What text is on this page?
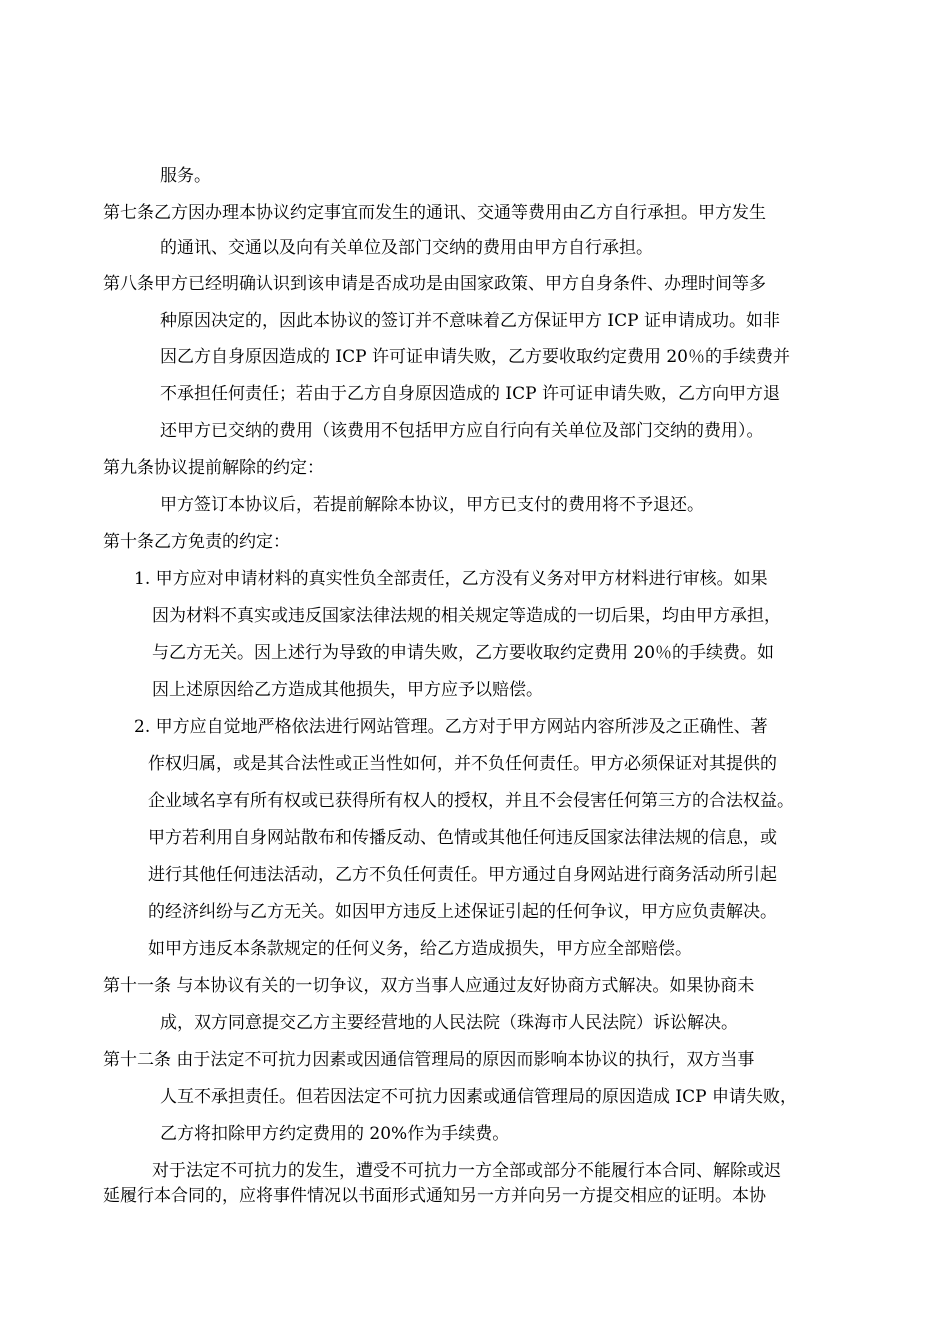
服务。
第七条乙方因办理本协议约定事宜而发生的通讯、交通等费用由乙方自行承担。甲方发生
的通讯、交通以及向有关单位及部门交纳的费用由甲方自行承担。
第八条甲方已经明确认识到该申请是否成功是由国家政策、甲方自身条件、办理时间等多
种原因决定的，因此本协议的签订并不意味着乙方保证甲方 ICP 证申请成功。如非
因乙方自身原因造成的 ICP 许可证申请失败，乙方要收取约定费用 20％的手续费并
不承担任何责任；若由于乙方自身原因造成的 ICP 许可证申请失败，乙方向甲方退
还甲方已交纳的费用（该费用不包括甲方应自行向有关单位及部门交纳的费用）。
第九条协议提前解除的约定：
甲方签订本协议后，若提前解除本协议，甲方已支付的费用将不予退还。
第十条乙方免责的约定：
1. 甲方应对申请材料的真实性负全部责任，乙方没有义务对甲方材料进行审核。如果
因为材料不真实或违反国家法律法规的相关规定等造成的一切后果，均由甲方承担，
与乙方无关。因上述行为导致的申请失败，乙方要收取约定费用 20％的手续费。如
因上述原因给乙方造成其他损失，甲方应予以赔偿。
2. 甲方应自觉地严格依法进行网站管理。乙方对于甲方网站内容所涉及之正确性、著
作权归属，或是其合法性或正当性如何，并不负任何责任。甲方必须保证对其提供的
企业域名享有所有权或已获得所有权人的授权，并且不会侵害任何第三方的合法权益。
甲方若利用自身网站散布和传播反动、色情或其他任何违反国家法律法规的信息，或
进行其他任何违法活动，乙方不负任何责任。甲方通过自身网站进行商务活动所引起
的经济纠纷与乙方无关。如因甲方违反上述保证引起的任何争议，甲方应负责解决。
如甲方违反本条款规定的任何义务，给乙方造成损失，甲方应全部赔偿。
第十一条 与本协议有关的一切争议，双方当事人应通过友好协商方式解决。如果协商未
成，双方同意提交乙方主要经营地的人民法院（珠海市人民法院）诉讼解决。
第十二条 由于法定不可抗力因素或因通信管理局的原因而影响本协议的执行，双方当事
人互不承担责任。但若因法定不可抗力因素或通信管理局的原因造成 ICP 申请失败，
乙方将扣除甲方约定费用的 20%作为手续费。
对于法定不可抗力的发生，遭受不可抗力一方全部或部分不能履行本合同、解除或迟
延履行本合同的，应将事件情况以书面形式通知另一方并向另一方提交相应的证明。本协
